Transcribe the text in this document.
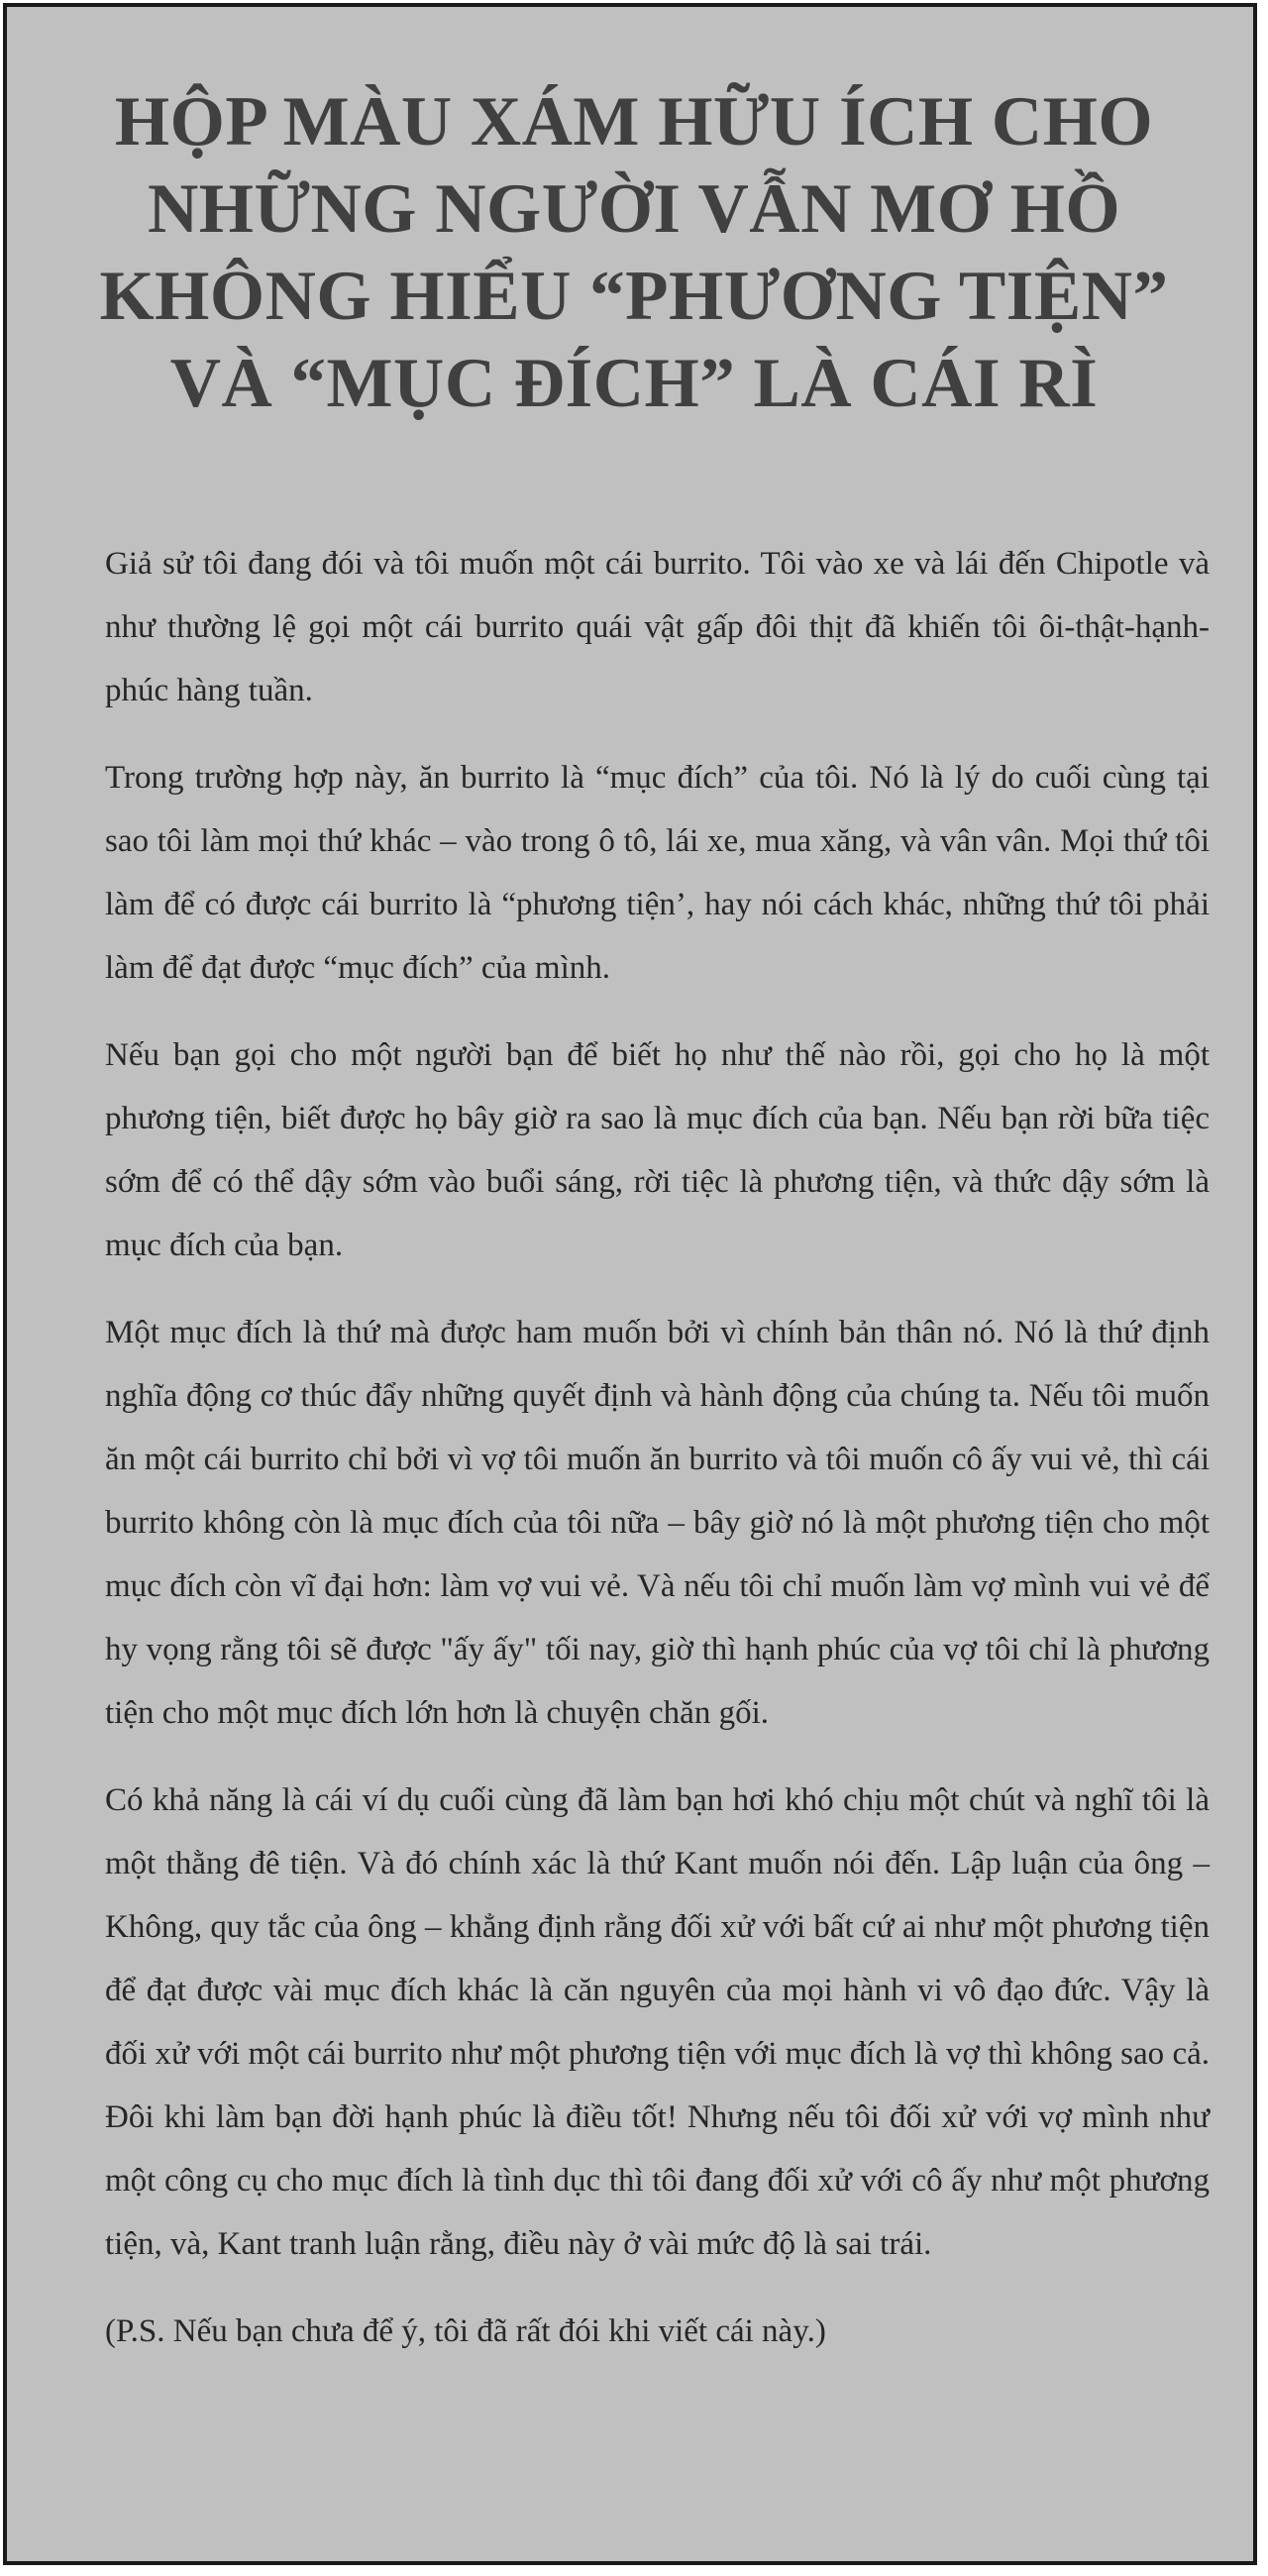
HỘP MÀU XÁM HỮU ÍCH CHO NHỮNG NGƯỜI VẪN MƠ HỒ KHÔNG HIỂU “PHƯƠNG TIỆN” VÀ “MỤC ĐÍCH” LÀ CÁI RÌ

Giả sử tôi đang đói và tôi muốn một cái burrito. Tôi vào xe và lái đến Chipotle và như thường lệ gọi một cái burrito quái vật gấp đôi thịt đã khiến tôi ôi-thật-hạnh-phúc hàng tuần.

Trong trường hợp này, ăn burrito là “mục đích” của tôi. Nó là lý do cuối cùng tại sao tôi làm mọi thứ khác – vào trong ô tô, lái xe, mua xăng, và vân vân. Mọi thứ tôi làm để có được cái burrito là “phương tiện’, hay nói cách khác, những thứ tôi phải làm để đạt được “mục đích” của mình.

Nếu bạn gọi cho một người bạn để biết họ như thế nào rồi, gọi cho họ là một phương tiện, biết được họ bây giờ ra sao là mục đích của bạn. Nếu bạn rời bữa tiệc sớm để có thể dậy sớm vào buổi sáng, rời tiệc là phương tiện, và thức dậy sớm là mục đích của bạn.

Một mục đích là thứ mà được ham muốn bởi vì chính bản thân nó. Nó là thứ định nghĩa động cơ thúc đẩy những quyết định và hành động của chúng ta. Nếu tôi muốn ăn một cái burrito chỉ bởi vì vợ tôi muốn ăn burrito và tôi muốn cô ấy vui vẻ, thì cái burrito không còn là mục đích của tôi nữa – bây giờ nó là một phương tiện cho một mục đích còn vĩ đại hơn: làm vợ vui vẻ. Và nếu tôi chỉ muốn làm vợ mình vui vẻ để hy vọng rằng tôi sẽ được "ấy ấy" tối nay, giờ thì hạnh phúc của vợ tôi chỉ là phương tiện cho một mục đích lớn hơn là chuyện chăn gối.

Có khả năng là cái ví dụ cuối cùng đã làm bạn hơi khó chịu một chút và nghĩ tôi là một thằng đê tiện. Và đó chính xác là thứ Kant muốn nói đến. Lập luận của ông – Không, quy tắc của ông – khẳng định rằng đối xử với bất cứ ai như một phương tiện để đạt được vài mục đích khác là căn nguyên của mọi hành vi vô đạo đức. Vậy là đối xử với một cái burrito như một phương tiện với mục đích là vợ thì không sao cả. Đôi khi làm bạn đời hạnh phúc là điều tốt! Nhưng nếu tôi đối xử với vợ mình như một công cụ cho mục đích là tình dục thì tôi đang đối xử với cô ấy như một phương tiện, và, Kant tranh luận rằng, điều này ở vài mức độ là sai trái.

(P.S. Nếu bạn chưa để ý, tôi đã rất đói khi viết cái này.)
